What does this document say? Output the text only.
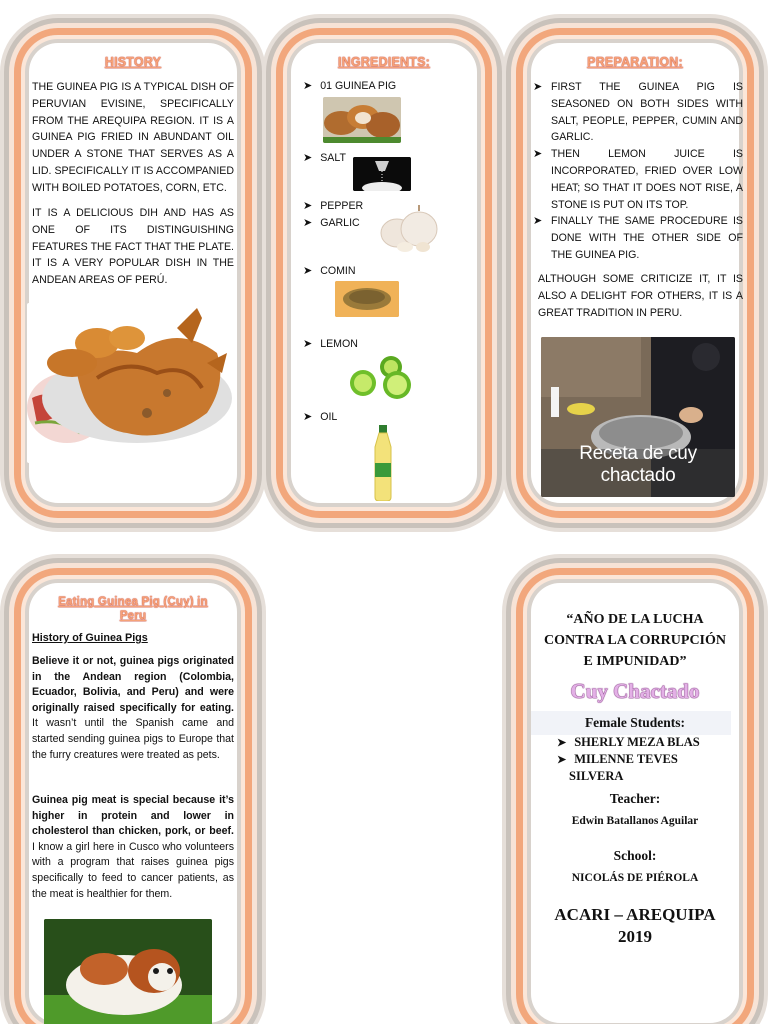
HISTORY

THE GUINEA PIG IS A TYPICAL DISH OF PERUVIAN EVISINE, SPECIFICALLY FROM THE AREQUIPA REGION. IT IS A GUINEA PIG FRIED IN ABUNDANT OIL UNDER A STONE THAT SERVES AS A LID. SPECIFICALLY IT IS ACCOMPANIED WITH BOILED POTATOES, CORN, ETC.

IT IS A DELICIOUS DIH AND HAS AS ONE OF ITS DISTINGUISHING FEATURES THE FACT THAT THE PLATE. IT IS A VERY POPULAR DISH IN THE ANDEAN AREAS OF PERÚ.

INGREDIENTS:
➤ 01 GUINEA PIG
➤ SALT
➤ PEPPER
➤ GARLIC
➤ COMIN
➤ LEMON
➤ OIL
PREPARATION:
➤ FIRST THE GUINEA PIG IS SEASONED ON BOTH SIDES WITH SALT, PEOPLE, PEPPER, CUMIN AND GARLIC.
➤ THEN LEMON JUICE IS INCORPORATED, FRIED OVER LOW HEAT; SO THAT IT DOES NOT RISE, A STONE IS PUT ON ITS TOP.
➤ FINALLY THE SAME PROCEDURE IS DONE WITH THE OTHER SIDE OF THE GUINEA PIG.

ALTHOUGH SOME CRITICIZE IT, IT IS ALSO A DELIGHT FOR OTHERS, IT IS A GREAT TRADITION IN PERU.

Receta de cuy chactado
Eating Guinea Pig (Cuy) in
Peru
History of Guinea Pigs

Believe it or not, guinea pigs originated in the Andean region (Colombia, Ecuador, Bolivia, and Peru) and were originally raised specifically for eating. It wasn’t until the Spanish came and started sending guinea pigs to Europe that the furry creatures were treated as pets.

Guinea pig meat is special because it’s higher in protein and lower in cholesterol than chicken, pork, or beef. I know a girl here in Cusco who volunteers with a program that raises guinea pigs specifically to feed to cancer patients, as the meat is healthier for them.

“AÑO DE LA LUCHA
CONTRA LA CORRUPCIÓN
E IMPUNIDAD”
Cuy Chactado
Female Students:
➤ SHERLY MEZA BLAS
➤ MILENNE TEVES
SILVERA
Teacher:
Edwin Batallanos Aguilar
School:
NICOLÁS DE PIÉROLA
ACARI – AREQUIPA
2019
